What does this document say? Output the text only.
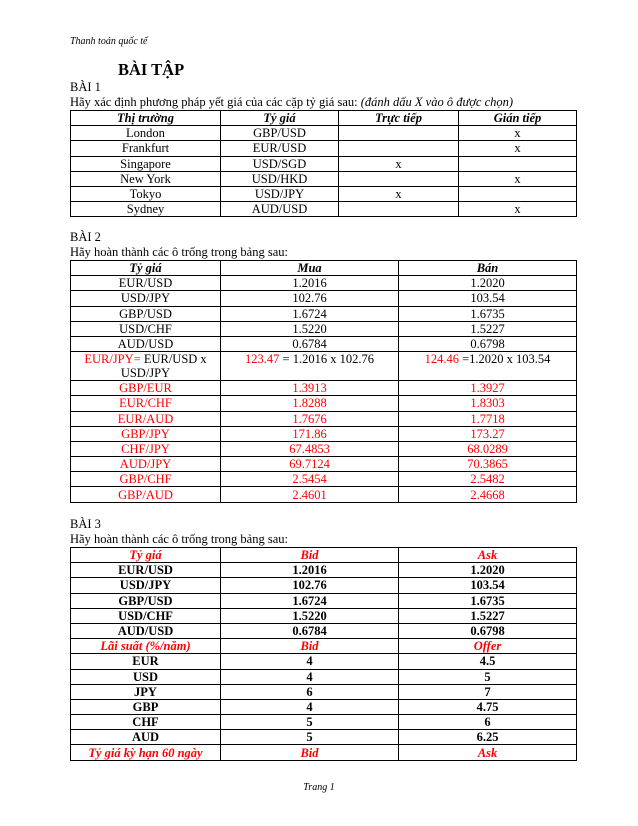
Thanh toán quốc tế
BÀI TẬP
BÀI 1
Hãy xác định phương pháp yết giá của các cặp tỷ giá sau: (đánh dấu X vào ô được chọn)
Thị trường	Tỷ giá	Trực tiếp	Gián tiếp
London	GBP/USD		x
Frankfurt	EUR/USD		x
Singapore	USD/SGD	x	
New York	USD/HKD		x
Tokyo	USD/JPY	x	
Sydney	AUD/USD		x
BÀI 2
Hãy hoàn thành các ô trống trong bảng sau:
Tỷ giá	Mua	Bán
EUR/USD	1.2016	1.2020
USD/JPY	102.76	103.54
GBP/USD	1.6724	1.6735
USD/CHF	1.5220	1.5227
AUD/USD	0.6784	0.6798
EUR/JPY= EUR/USD x USD/JPY	123.47 = 1.2016 x 102.76	124.46 =1.2020 x 103.54
GBP/EUR	1.3913	1.3927
EUR/CHF	1.8288	1.8303
EUR/AUD	1.7676	1.7718
GBP/JPY	171.86	173.27
CHF/JPY	67.4853	68.0289
AUD/JPY	69.7124	70.3865
GBP/CHF	2.5454	2.5482
GBP/AUD	2.4601	2.4668
BÀI 3
Hãy hoàn thành các ô trống trong bảng sau:
Tỷ giá	Bid	Ask
EUR/USD	1.2016	1.2020
USD/JPY	102.76	103.54
GBP/USD	1.6724	1.6735
USD/CHF	1.5220	1.5227
AUD/USD	0.6784	0.6798
Lãi suất (%/năm)	Bid	Offer
EUR	4	4.5
USD	4	5
JPY	6	7
GBP	4	4.75
CHF	5	6
AUD	5	6.25
Tỷ giá kỳ hạn 60 ngày	Bid	Ask
Trang 1
